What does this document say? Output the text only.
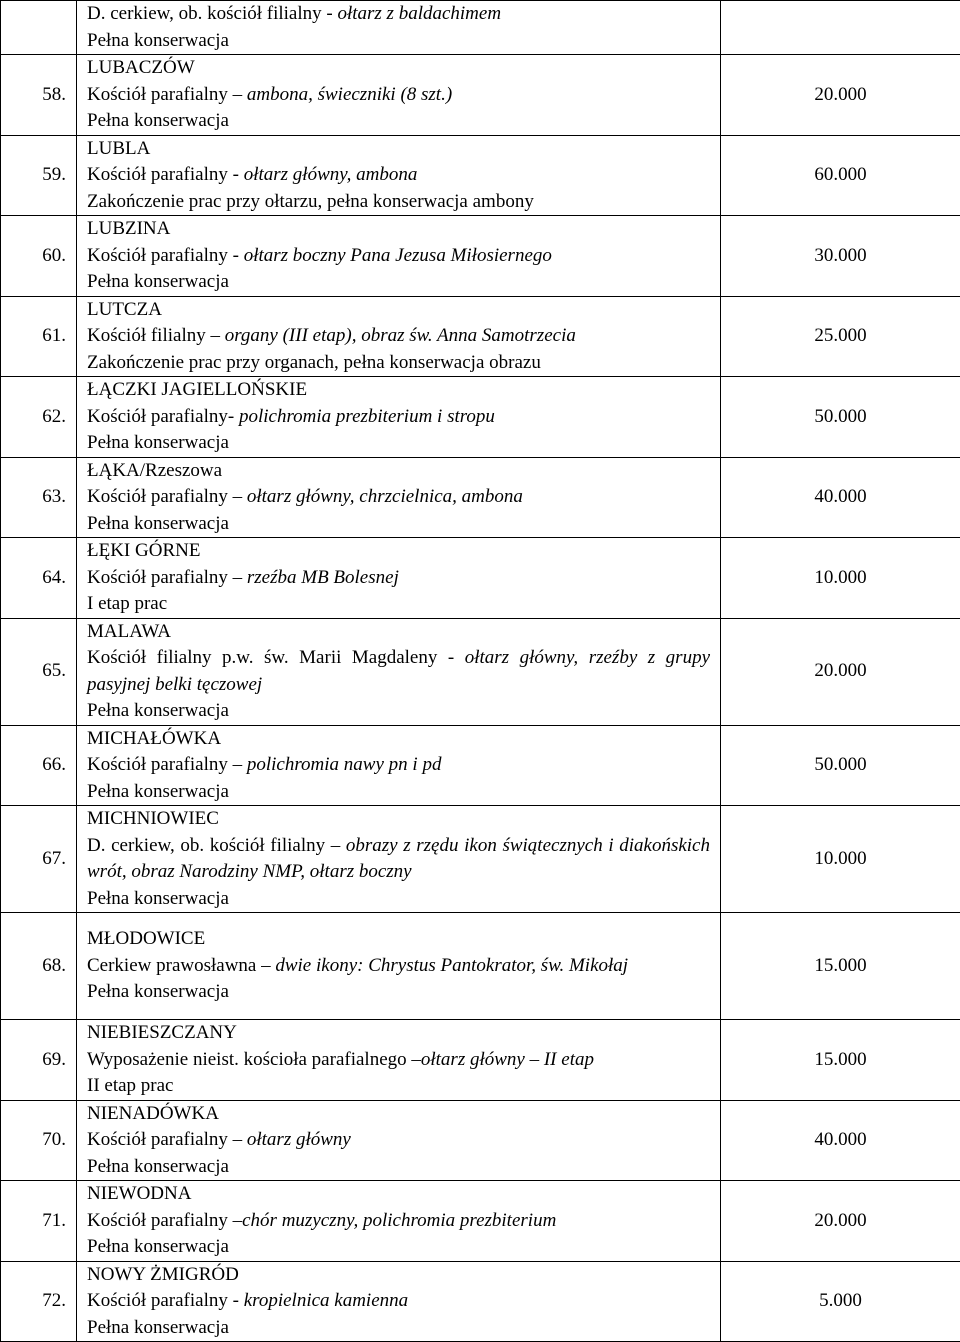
	D. cerkiew, ob. kościół filialny - ołtarz z baldachimem
Pełna konserwacja	

58.	LUBACZÓW
Kościół parafialny – ambona, świeczniki (8 szt.)
Pełna konserwacja	20.000
59.	LUBLA
Kościół parafialny - ołtarz główny, ambona
Zakończenie prac przy ołtarzu, pełna konserwacja ambony	60.000
60.	LUBZINA
Kościół parafialny - ołtarz boczny Pana Jezusa Miłosiernego
Pełna konserwacja	30.000
61.	LUTCZA
Kościół filialny – organy (III etap), obraz św. Anna Samotrzecia
Zakończenie prac przy organach, pełna konserwacja obrazu	25.000
62.	ŁĄCZKI JAGIELLOŃSKIE
Kościół parafialny- polichromia prezbiterium i stropu
Pełna konserwacja	50.000
63.	ŁĄKA/Rzeszowa
Kościół parafialny – ołtarz główny, chrzcielnica, ambona
Pełna konserwacja	40.000
64.	ŁĘKI GÓRNE
Kościół parafialny – rzeźba MB Bolesnej
I etap prac	10.000
65.	MALAWA
Kościół filialny p.w. św. Marii Magdaleny - ołtarz główny, rzeźby z grupy pasyjnej belki tęczowej
Pełna konserwacja	20.000
66.	MICHAŁÓWKA
Kościół parafialny – polichromia nawy pn i pd
Pełna konserwacja	50.000
67.	MICHNIOWIEC
D. cerkiew, ob. kościół filialny – obrazy z rzędu ikon świątecznych i diakońskich wrót, obraz Narodziny NMP, ołtarz boczny
Pełna konserwacja	10.000
68.	MŁODOWICE
Cerkiew prawosławna – dwie ikony: Chrystus Pantokrator, św. Mikołaj
Pełna konserwacja	15.000
69.	NIEBIESZCZANY
Wyposażenie nieist. kościoła parafialnego –ołtarz główny – II etap
II etap prac	15.000
70.	NIENADÓWKA
Kościół parafialny – ołtarz główny
Pełna konserwacja	40.000
71.	NIEWODNA
Kościół parafialny –chór muzyczny, polichromia prezbiterium
Pełna konserwacja	20.000
72.	NOWY ŻMIGRÓD
Kościół parafialny - kropielnica kamienna
Pełna konserwacja	5.000
